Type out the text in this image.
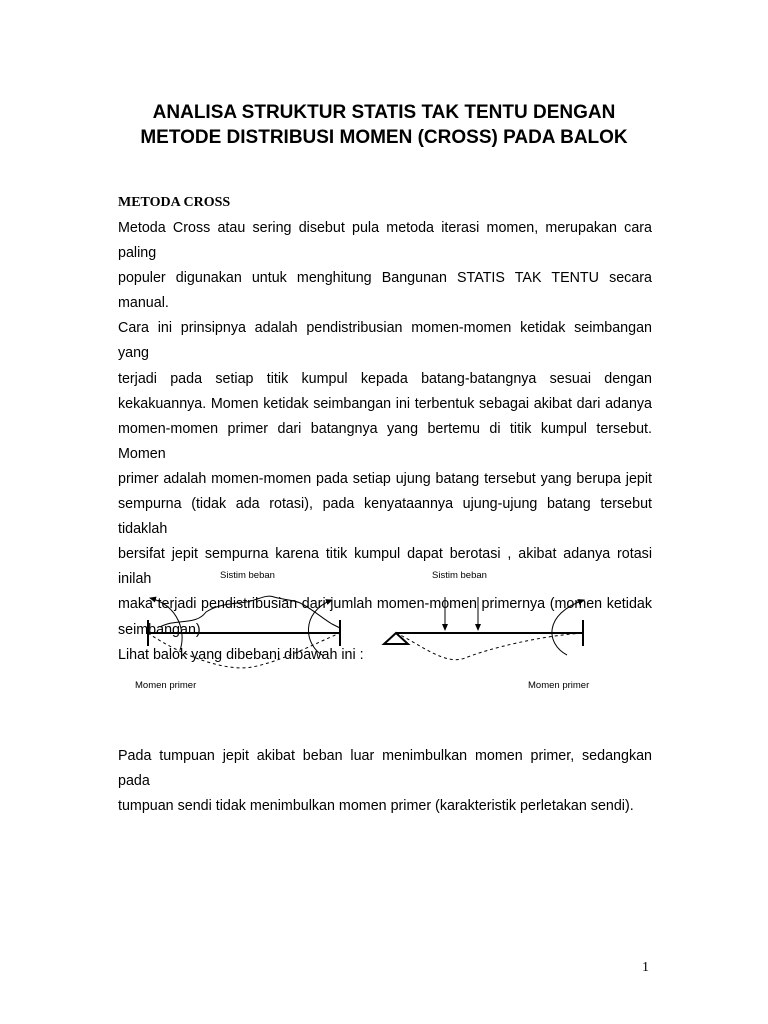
ANALISA STRUKTUR STATIS TAK TENTU DENGAN
METODE DISTRIBUSI MOMEN (CROSS) PADA BALOK
METODA CROSS

Metoda Cross atau sering disebut pula metoda iterasi momen, merupakan cara paling

populer digunakan untuk menghitung Bangunan STATIS TAK TENTU secara manual.

Cara ini prinsipnya adalah pendistribusian momen-momen ketidak seimbangan yang

terjadi pada setiap titik kumpul kepada batang-batangnya sesuai dengan

kekakuannya. Momen ketidak seimbangan ini terbentuk sebagai akibat dari adanya

momen-momen primer dari batangnya yang bertemu di titik kumpul tersebut. Momen

primer adalah momen-momen pada setiap ujung batang tersebut yang berupa jepit

sempurna (tidak ada rotasi), pada kenyataannya ujung-ujung batang tersebut tidaklah

bersifat jepit sempurna karena titik kumpul dapat berotasi , akibat adanya rotasi inilah

maka terjadi pendistribusian dari jumlah momen-momen primernya (momen ketidak

seimbangan).

Lihat balok yang dibebani dibawah ini :

Sistim beban
Momen primer
Sistim beban
Momen primer

Pada tumpuan jepit akibat beban luar menimbulkan momen primer, sedangkan pada

tumpuan sendi tidak menimbulkan momen primer (karakteristik perletakan sendi).

1
